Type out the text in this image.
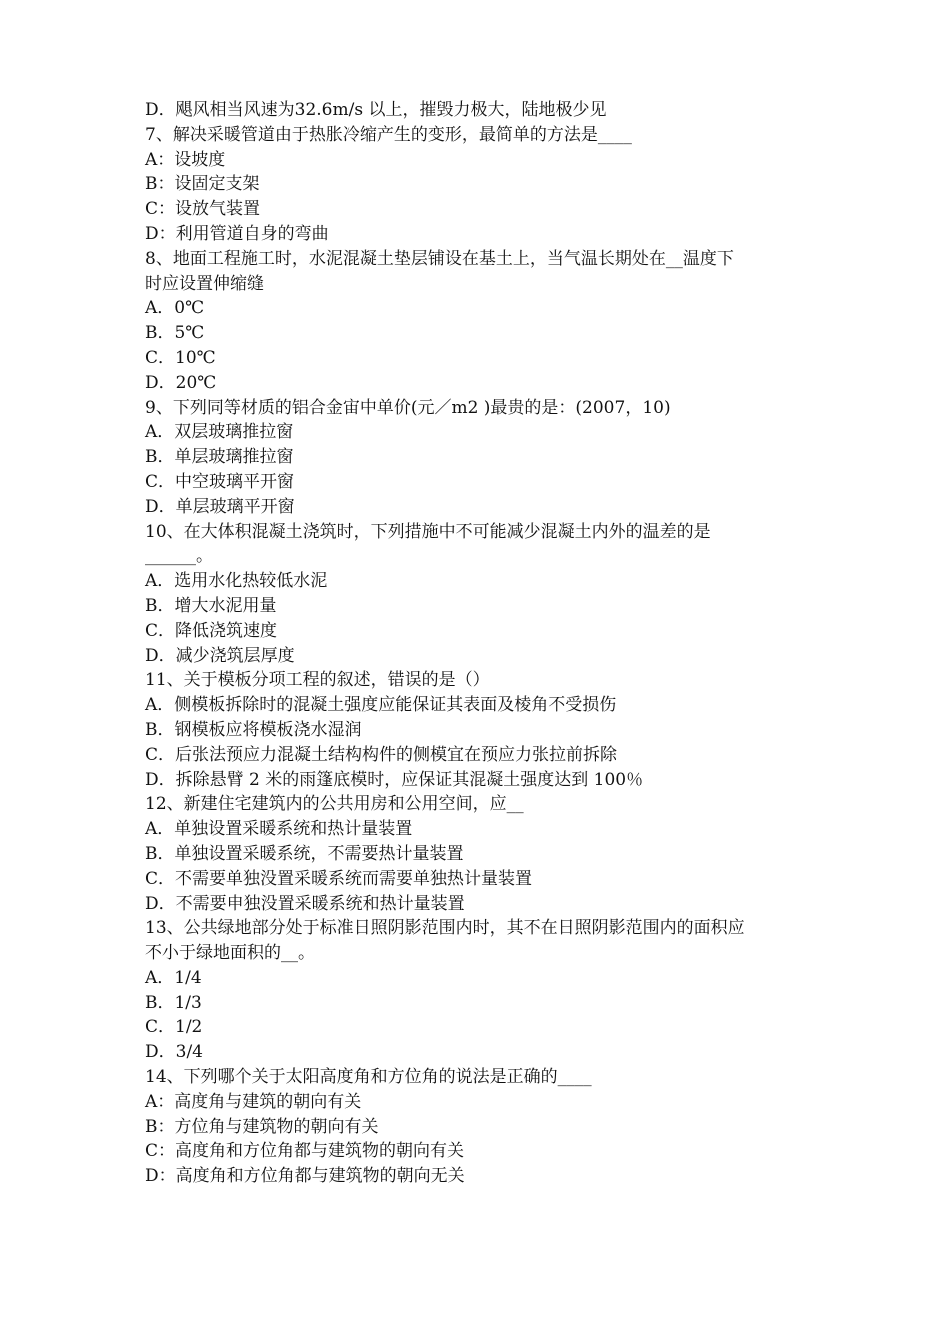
D．飓风相当风速为32.6m/s 以上，摧毁力极大，陆地极少见

7、解决采暖管道由于热胀冷缩产生的变形，最简单的方法是____

A：设坡度

B：设固定支架

C：设放气装置

D：利用管道自身的弯曲

8、地面工程施工时，水泥混凝土垫层铺设在基土上，当气温长期处在__温度下

时应设置伸缩缝

A．0℃

B．5℃

C．10℃

D．20℃

9、下列同等材质的铝合金宙中单价(元／m2 )最贵的是：(2007，10)

A．双层玻璃推拉窗

B．单层玻璃推拉窗

C．中空玻璃平开窗

D．单层玻璃平开窗

10、在大体积混凝土浇筑时，下列措施中不可能减少混凝土内外的温差的是

______。

A．选用水化热较低水泥

B．增大水泥用量

C．降低浇筑速度

D．减少浇筑层厚度

11、关于模板分项工程的叙述，错误的是（）

A．侧模板拆除时的混凝土强度应能保证其表面及棱角不受损伤

B．钢模板应将模板浇水湿润

C．后张法预应力混凝土结构构件的侧模宜在预应力张拉前拆除

D．拆除悬臂 2 米的雨篷底模时，应保证其混凝土强度达到 100％

12、新建住宅建筑内的公共用房和公用空间，应__

A．单独设置采暖系统和热计量装置

B．单独设置采暖系统，不需要热计量装置

C．不需要单独没置采暖系统而需要单独热计量装置

D．不需要申独没置采暖系统和热计量装置

13、公共绿地部分处于标准日照阴影范围内时，其不在日照阴影范围内的面积应

不小于绿地面积的__。

A．1/4

B．1/3

C．1/2

D．3/4

14、下列哪个关于太阳高度角和方位角的说法是正确的____

A：高度角与建筑的朝向有关

B：方位角与建筑物的朝向有关

C：高度角和方位角都与建筑物的朝向有关

D：高度角和方位角都与建筑物的朝向无关
